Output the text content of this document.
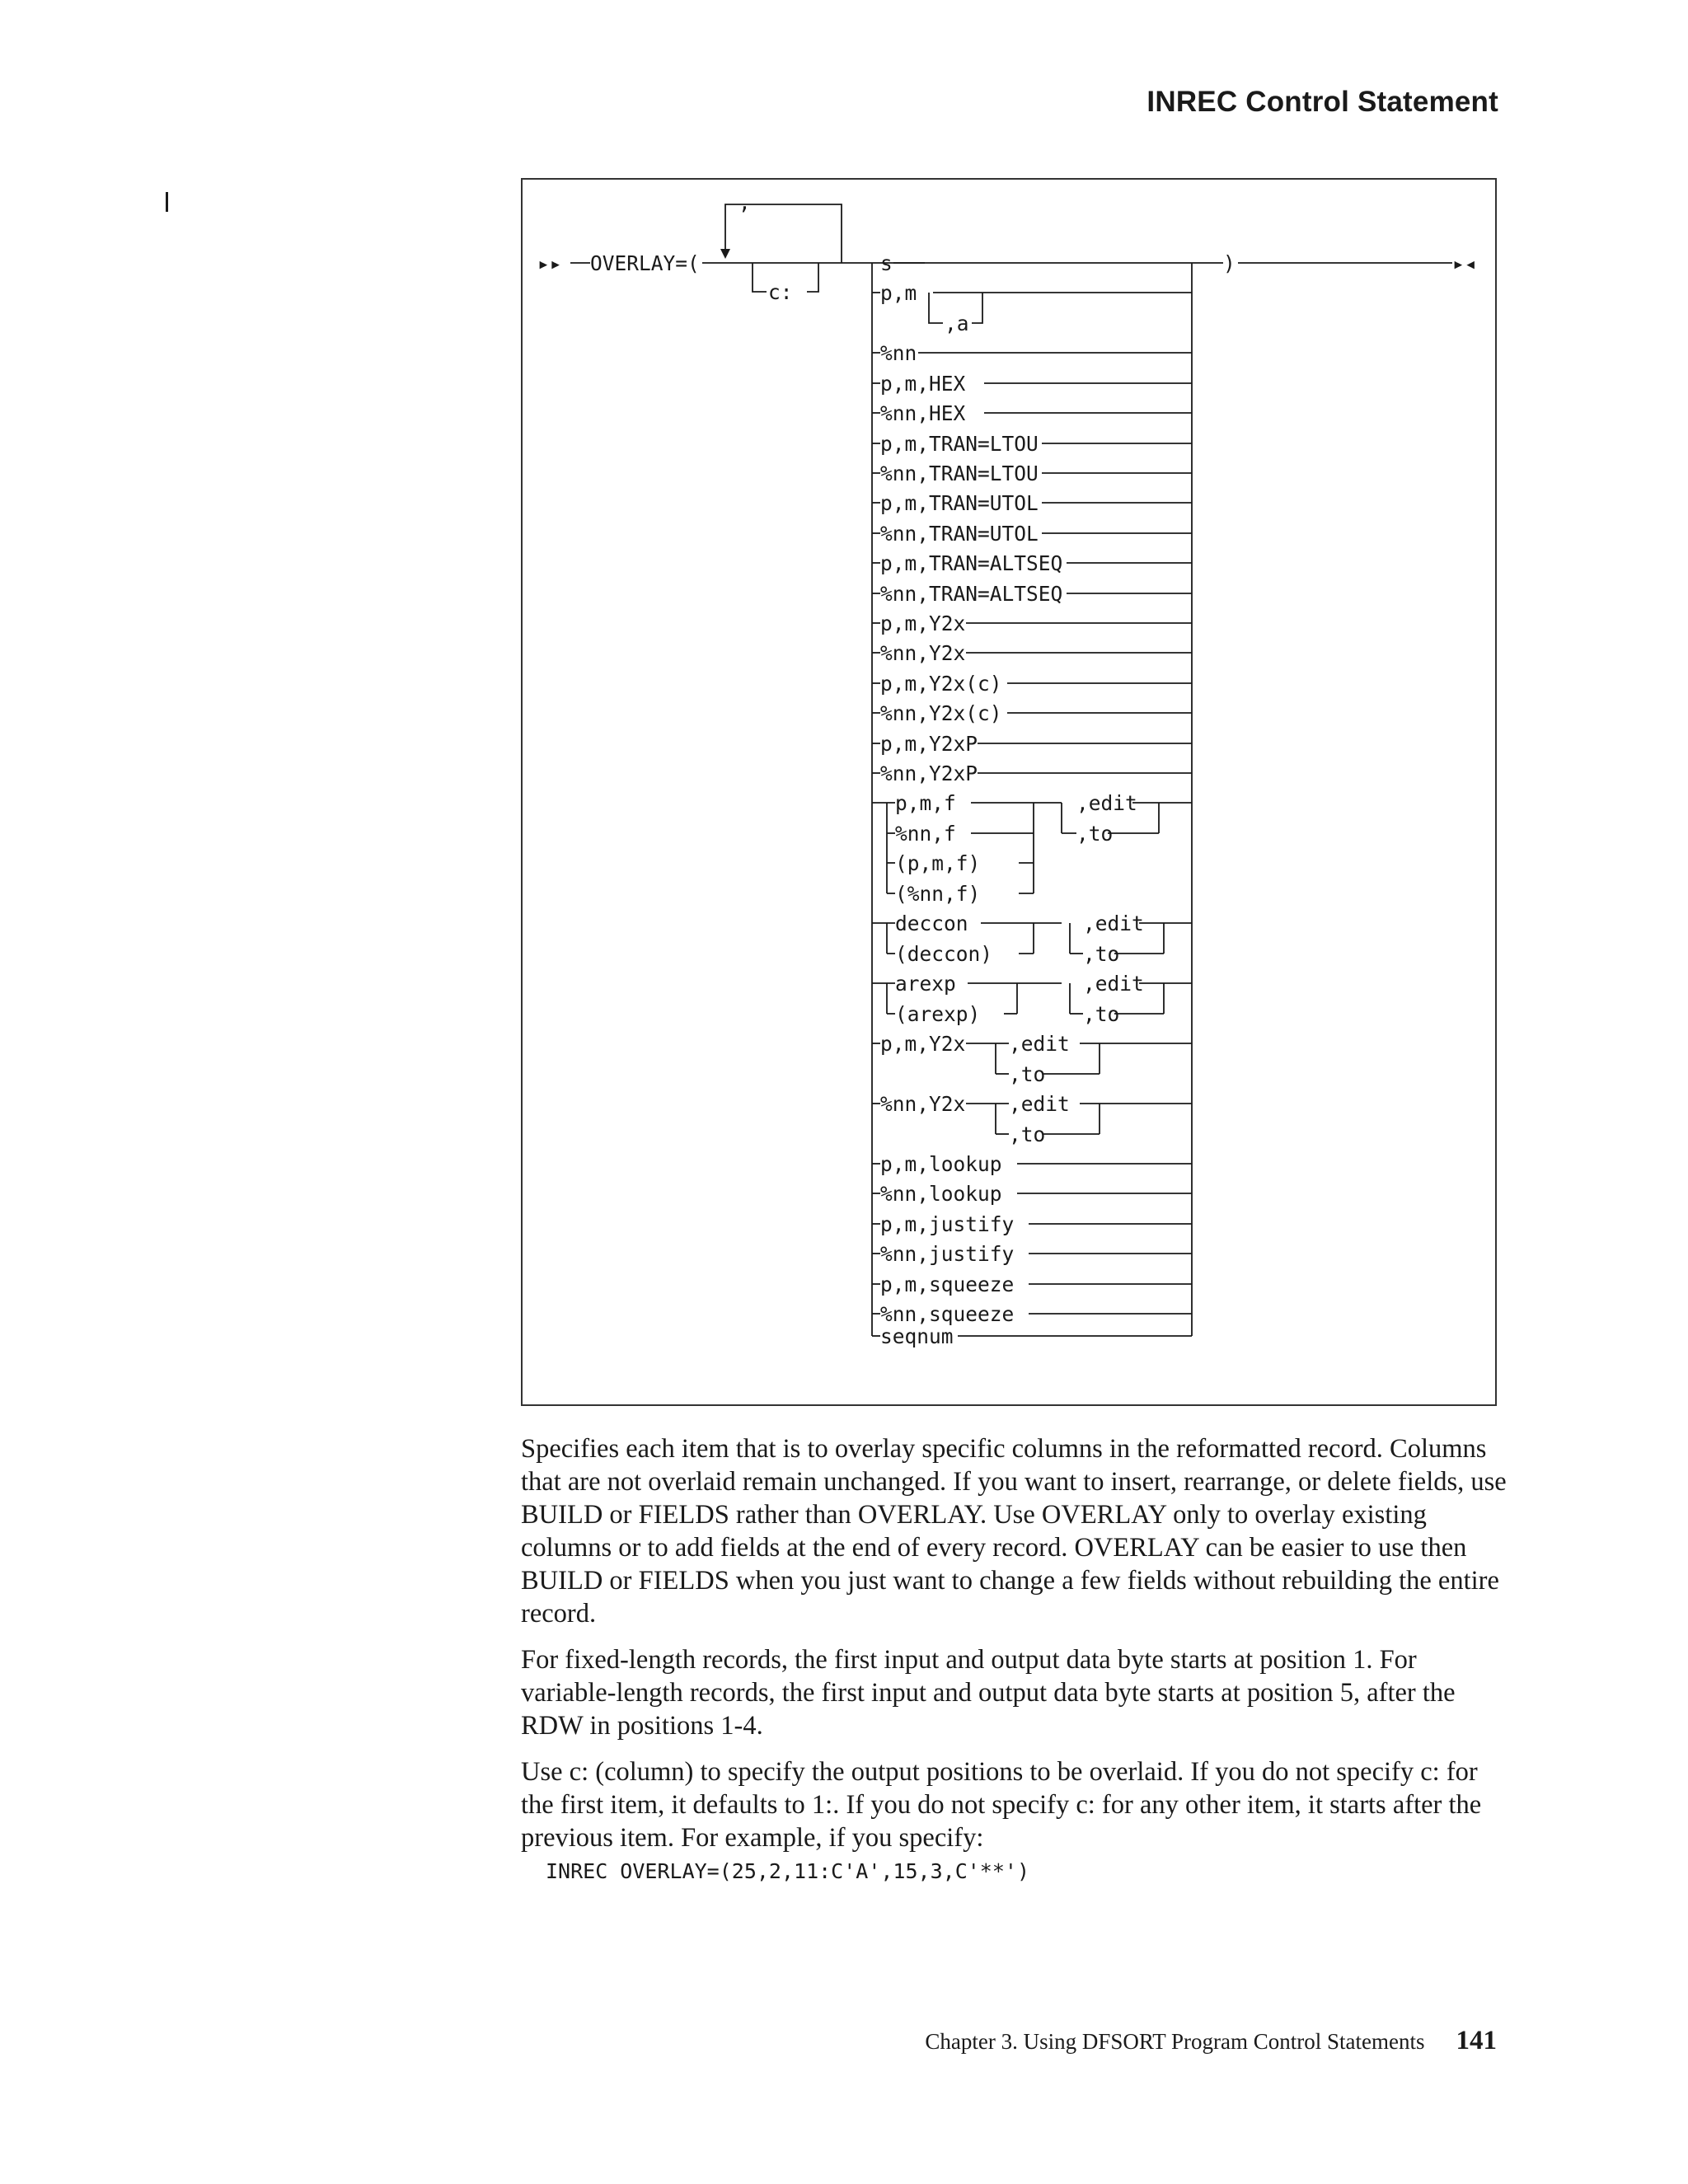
INREC Control Statement
▸▸ OVERLAY=(
,
c:
)	▸◂
s
p,m
,a
%nn
p,m,HEX
%nn,HEX
p,m,TRAN=LTOU
%nn,TRAN=LTOU
p,m,TRAN=UTOL
%nn,TRAN=UTOL
p,m,TRAN=ALTSEQ
%nn,TRAN=ALTSEQ
p,m,Y2x
%nn,Y2x
p,m,Y2x(c)
%nn,Y2x(c)
p,m,Y2xP
%nn,Y2xP
p,m,f
%nn,f
(p,m,f)
(%nn,f)
,edit
,to
deccon
(deccon)
,edit
,to
arexp
(arexp)
,edit
,to
p,m,Y2x ,edit
,to
%nn,Y2x ,edit
,to
p,m,lookup
%nn,lookup
p,m,justify
%nn,justify
p,m,squeeze
%nn,squeeze
seqnum

Specifies each item that is to overlay specific columns in the reformatted record. Columns that are not overlaid remain unchanged. If you want to insert, rearrange, or delete fields, use BUILD or FIELDS rather than OVERLAY. Use OVERLAY only to overlay existing columns or to add fields at the end of every record. OVERLAY can be easier to use then BUILD or FIELDS when you just want to change a few fields without rebuilding the entire record.

For fixed-length records, the first input and output data byte starts at position 1. For variable-length records, the first input and output data byte starts at position 5, after the RDW in positions 1-4.

Use c: (column) to specify the output positions to be overlaid. If you do not specify c: for the first item, it defaults to 1:. If you do not specify c: for any other item, it starts after the previous item. For example, if you specify:

INREC OVERLAY=(25,2,11:C'A',15,3,C'**')
Chapter 3. Using DFSORT Program Control Statements 141
